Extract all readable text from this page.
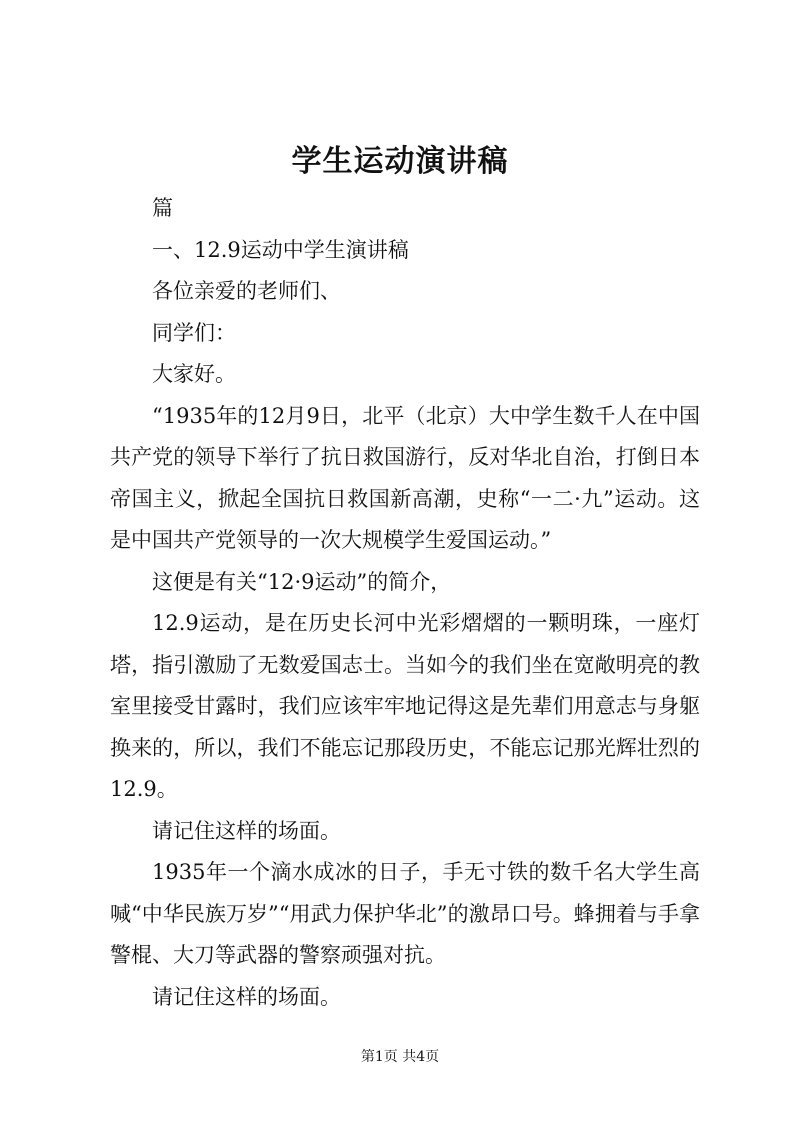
学生运动演讲稿

篇

一、12.9运动中学生演讲稿

各位亲爱的老师们、

同学们：

大家好。

“1935年的12月9日，北平（北京）大中学生数千人在中国共产党的领导下举行了抗日救国游行，反对华北自治，打倒日本帝国主义，掀起全国抗日救国新高潮，史称“一二·九”运动。这是中国共产党领导的一次大规模学生爱国运动。”

这便是有关“12·9运动”的简介，

12.9运动，是在历史长河中光彩熠熠的一颗明珠，一座灯塔，指引激励了无数爱国志士。当如今的我们坐在宽敞明亮的教室里接受甘露时，我们应该牢牢地记得这是先辈们用意志与身躯换来的，所以，我们不能忘记那段历史，不能忘记那光辉壮烈的12.9。

请记住这样的场面。

1935年一个滴水成冰的日子，手无寸铁的数千名大学生高喊“中华民族万岁”“用武力保护华北”的激昂口号。蜂拥着与手拿警棍、大刀等武器的警察顽强对抗。

请记住这样的场面。

第1页 共4页
